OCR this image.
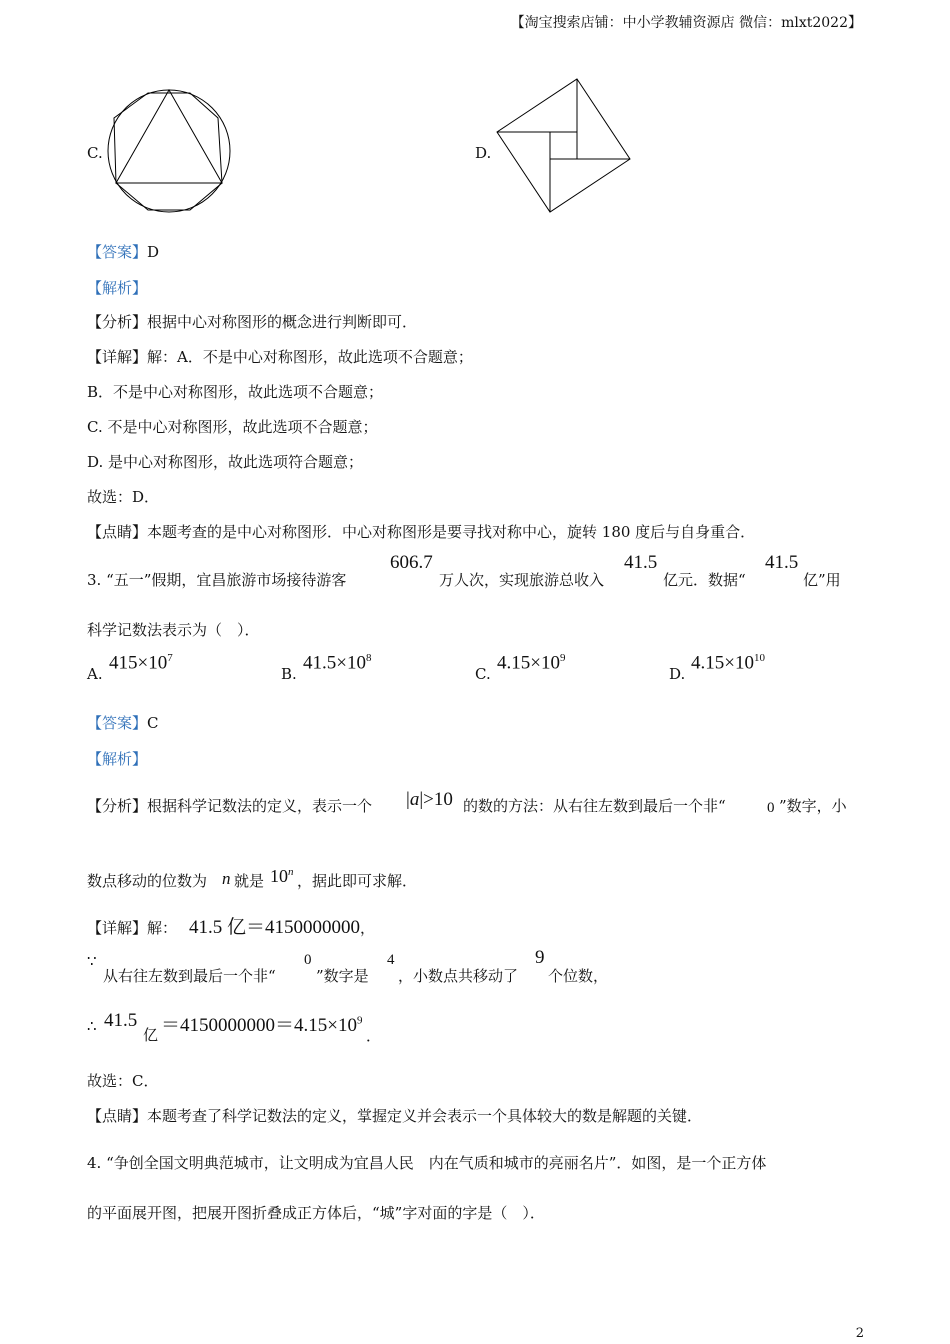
【淘宝搜索店铺：中小学教辅资源店 微信：mlxt2022】
C.	D.
【答案】D
【解析】
【分析】根据中心对称图形的概念进行判断即可．
【详解】解：A．不是中心对称图形，故此选项不合题意；
B．不是中心对称图形，故此选项不合题意；
C. 不是中心对称图形，故此选项不合题意；
D. 是中心对称图形，故此选项符合题意；
故选：D．
【点睛】本题考查的是中心对称图形．中心对称图形是要寻找对称中心，旋转 180 度后与自身重合．
3. “五一”假期，宜昌旅游市场接待游客
606.7
万人次，实现旅游总收入
41.5
亿元．数据“
41.5
亿”用
科学记数法表示为（　）．
A.
$415\times 10^7$
B.
$41.5\times 10^8$
C.
$4.15\times 10^9$
D.
$4.15\times 10^{10}$
【答案】C
【解析】
【分析】根据科学记数法的定义，表示一个 |a|>10 的数的方法：从右往左数到最后一个非“	0 ”数字，小
数点移动的位数为 n 就是 10$^n$ ，据此即可求解．
【详解】解： 41.5 亿＝4150000000 ，
∵
从右往左数到最后一个非“
0
”数字是
4
，小数点共移动了
9
个位数，
∴ 41.5
亿 $=4150000000=4.15\times 10^9$
．
故选：C．
【点睛】本题考查了科学记数法的定义，掌握定义并会表示一个具体较大的数是解题的关键．
4. “争创全国文明典范城市，让文明成为宜昌人民　内在气质和城市的亮丽名片”．如图，是一个正方体
的平面展开图，把展开图折叠成正方体后，“城”字对面的字是（　）．
2
